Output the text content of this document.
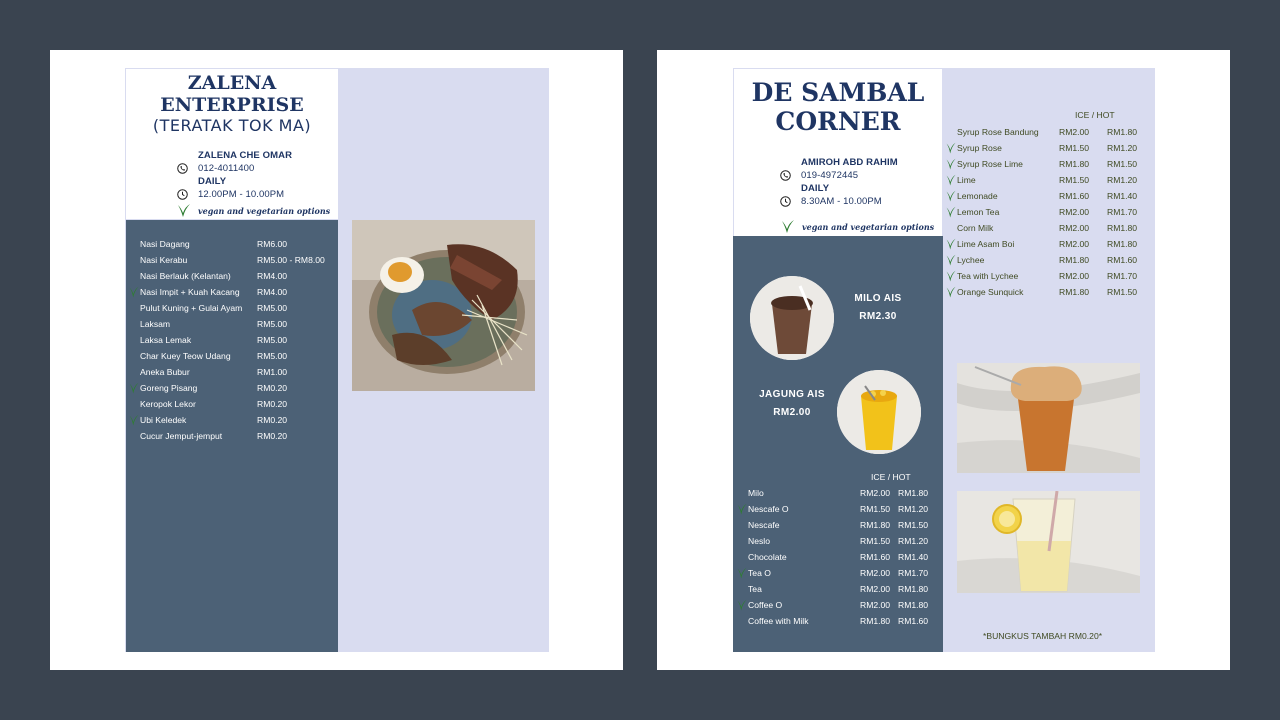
ZALENA
ENTERPRISE
(TERATAK TOK MA)
ZALENA CHE OMAR
012-4011400
DAILY
12.00PM - 10.00PM
vegan and vegetarian options
Nasi Dagang	RM6.00
Nasi Kerabu	RM5.00 - RM8.00
Nasi Berlauk (Kelantan)	RM4.00
Nasi Impit + Kuah Kacang RM4.00
Pulut Kuning + Gulai Ayam RM5.00
Laksam	RM5.00
Laksa Lemak	RM5.00
Char Kuey Teow Udang	RM5.00
Aneka Bubur	RM1.00
Goreng Pisang	RM0.20
Keropok Lekor	RM0.20
Ubi Keledek	RM0.20
Cucur Jemput-jemput	RM0.20
DE SAMBAL
CORNER
AMIROH ABD RAHIM
019-4972445
DAILY
8.30AM - 10.00PM
vegan and vegetarian options
ICE / HOT
Syrup Rose Bandung RM2.00 RM1.80
Syrup Rose	RM1.50 RM1.20
Syrup Rose Lime	RM1.80 RM1.50
Lime	RM1.50 RM1.20
Lemonade	RM1.60 RM1.40
Lemon Tea	RM2.00 RM1.70
Corn Milk	RM2.00 RM1.80
Lime Asam Boi	RM2.00 RM1.80
Lychee	RM1.80 RM1.60
Tea with Lychee	RM2.00 RM1.70
Orange Sunquick	RM1.80 RM1.50
MILO AIS
RM2.30
JAGUNG AIS
RM2.00
ICE / HOT
Milo	RM2.00 RM1.80
Nescafe O	RM1.50 RM1.20
Nescafe	RM1.80 RM1.50
Neslo	RM1.50 RM1.20
Chocolate	RM1.60 RM1.40
Tea O	RM2.00 RM1.70
Tea	RM2.00 RM1.80
Coffee O	RM2.00 RM1.80
Coffee with Milk	RM1.80 RM1.60
*BUNGKUS TAMBAH RM0.20*
